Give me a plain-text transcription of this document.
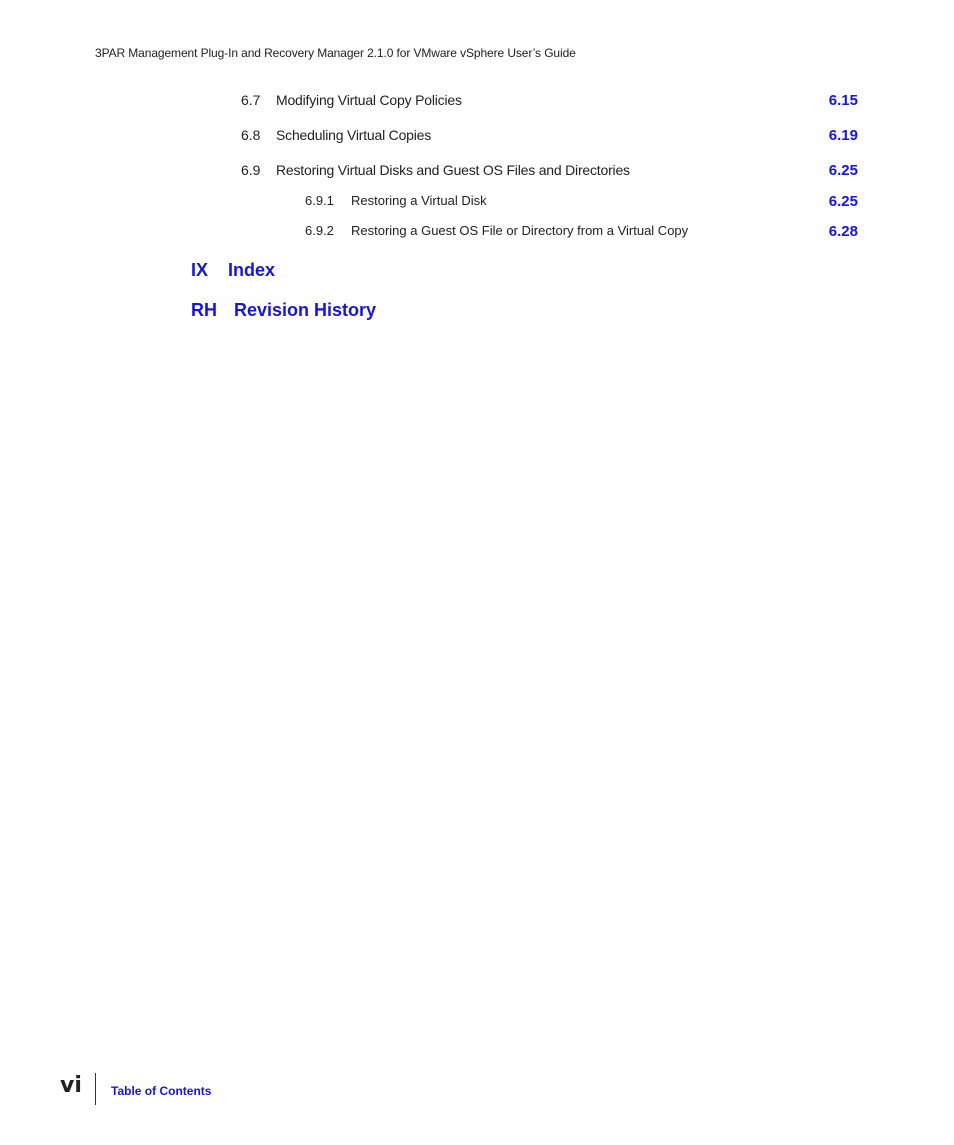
3PAR Management Plug-In and Recovery Manager 2.1.0 for VMware vSphere User’s Guide
6.7 Modifying Virtual Copy Policies	6.15
6.8 Scheduling Virtual Copies	6.19
6.9 Restoring Virtual Disks and Guest OS Files and Directories	6.25
6.9.1 Restoring a Virtual Disk	6.25
6.9.2 Restoring a Guest OS File or Directory from a Virtual Copy	6.28
IX Index
RH Revision History
vi Table of Contents
